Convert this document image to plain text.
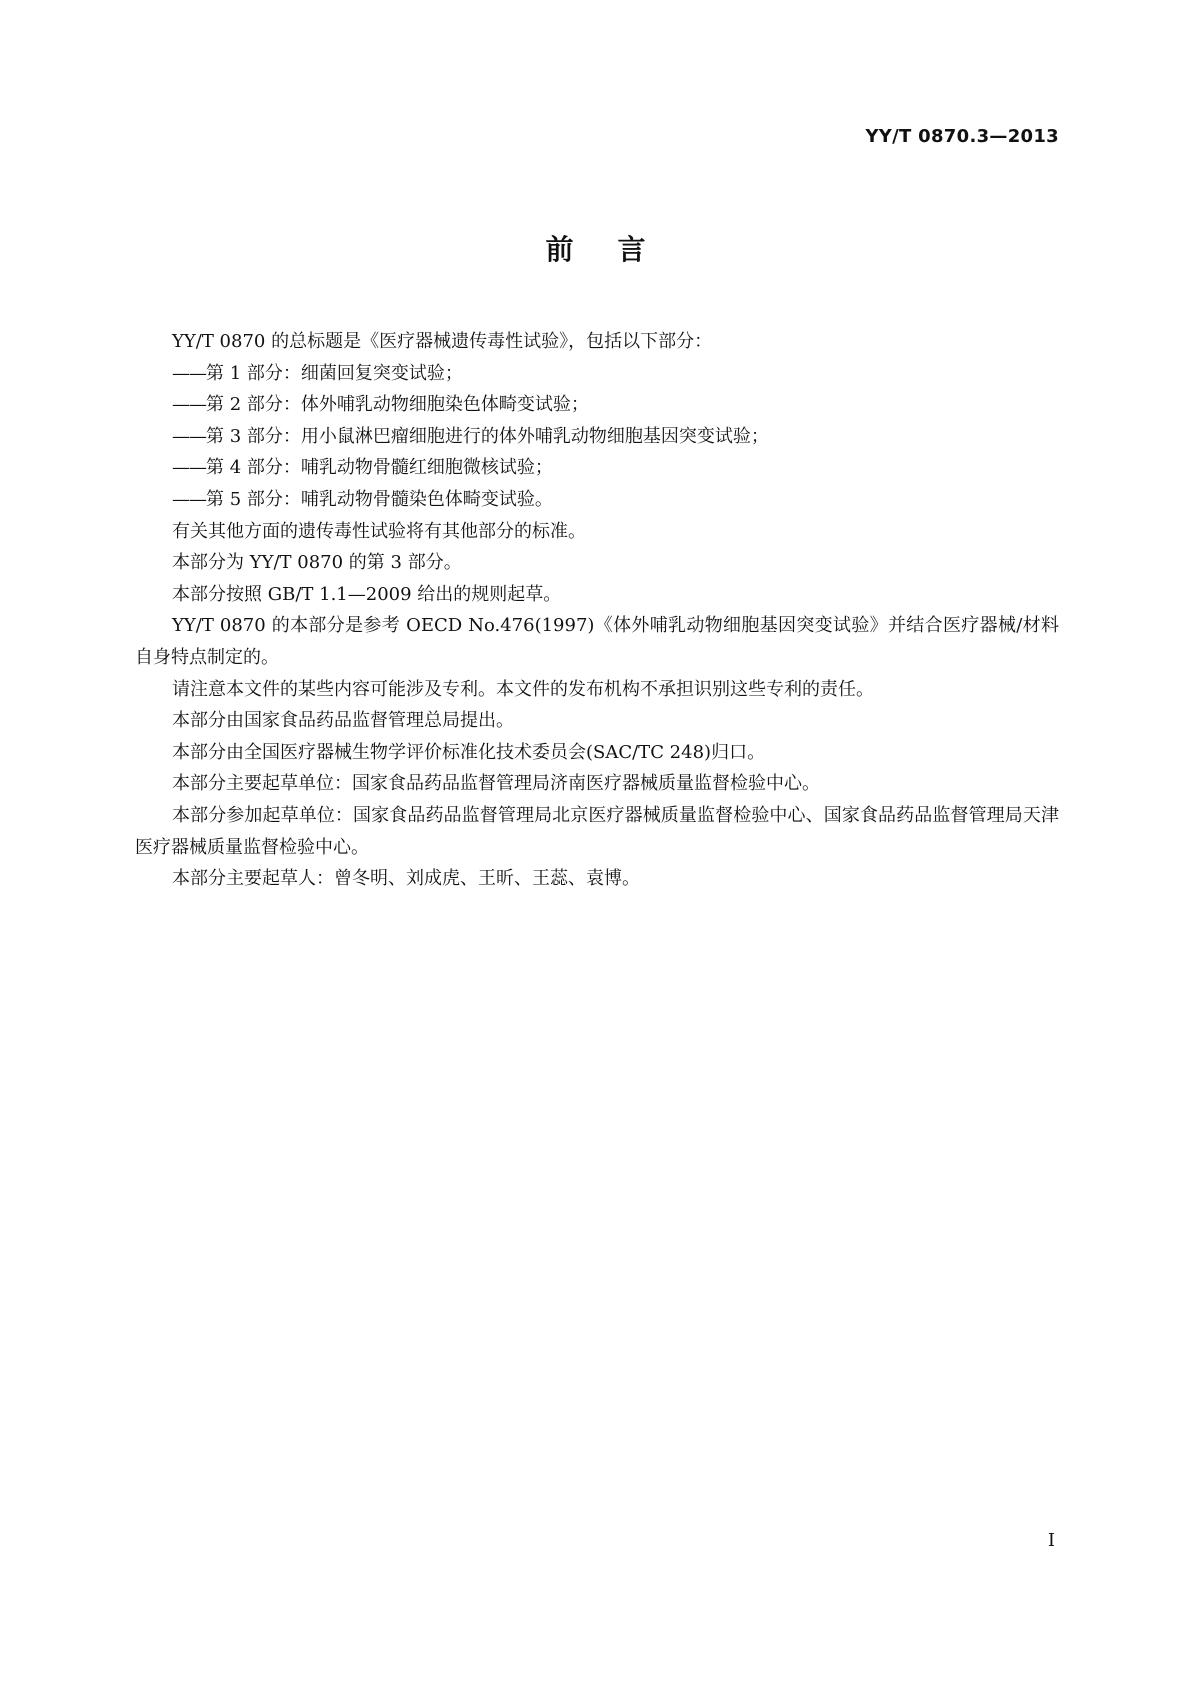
YY/T 0870.3—2013
前言

YY/T 0870 的总标题是《医疗器械遗传毒性试验》，包括以下部分：

——第 1 部分：细菌回复突变试验；

——第 2 部分：体外哺乳动物细胞染色体畸变试验；

——第 3 部分：用小鼠淋巴瘤细胞进行的体外哺乳动物细胞基因突变试验；

——第 4 部分：哺乳动物骨髓红细胞微核试验；

——第 5 部分：哺乳动物骨髓染色体畸变试验。

有关其他方面的遗传毒性试验将有其他部分的标准。

本部分为 YY/T 0870 的第 3 部分。

本部分按照 GB/T 1.1—2009 给出的规则起草。

YY/T 0870 的本部分是参考 OECD No.476(1997)《体外哺乳动物细胞基因突变试验》并结合医疗器械/材料自身特点制定的。

请注意本文件的某些内容可能涉及专利。本文件的发布机构不承担识别这些专利的责任。

本部分由国家食品药品监督管理总局提出。

本部分由全国医疗器械生物学评价标准化技术委员会(SAC/TC 248)归口。

本部分主要起草单位：国家食品药品监督管理局济南医疗器械质量监督检验中心。

本部分参加起草单位：国家食品药品监督管理局北京医疗器械质量监督检验中心、国家食品药品监督管理局天津医疗器械质量监督检验中心。

本部分主要起草人：曾冬明、刘成虎、王昕、王蕊、袁博。

I
